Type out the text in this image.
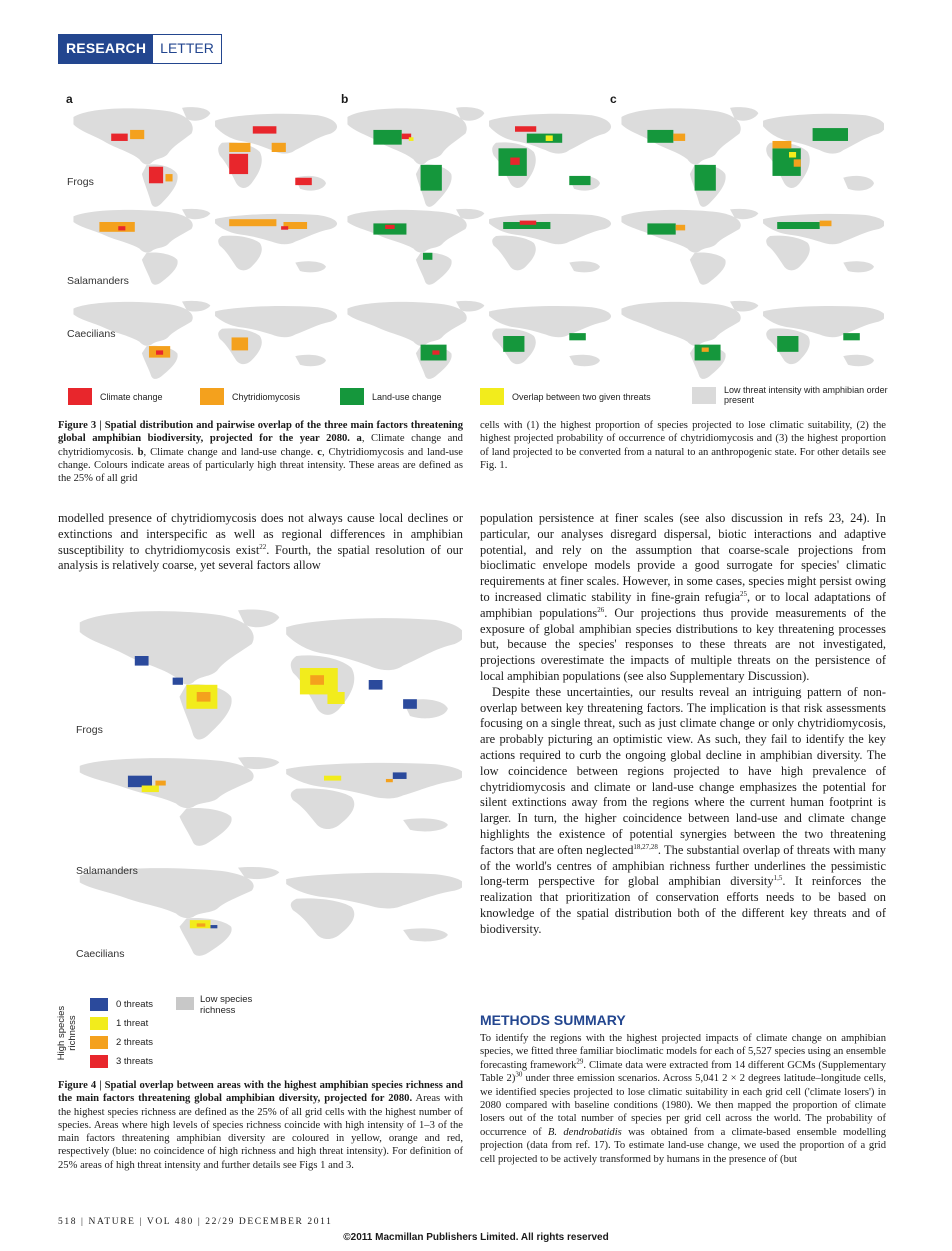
RESEARCH	LETTER
a	b	c
Frogs
Salamanders
Caecilians
Climate change	Chytridiomycosis	Land-use change	Overlap between two given threats
Low threat intensity with amphibian order present
Figure 3 | Spatial distribution and pairwise overlap of the three main factors threatening global amphibian biodiversity, projected for the year 2080. a, Climate change and chytridiomycosis. b, Climate change and land-use change. c, Chytridiomycosis and land-use change. Colours indicate areas of particularly high threat intensity. These areas are defined as the 25% of all grid
cells with (1) the highest proportion of species projected to lose climatic suitability, (2) the highest projected probability of occurrence of chytridiomycosis and (3) the highest proportion of land projected to be converted from a natural to an anthropogenic state. For other details see Fig. 1.

modelled presence of chytridiomycosis does not always cause local declines or extinctions and interspecific as well as regional differences in amphibian susceptibility to chytridiomycosis exist$^{22}$. Fourth, the spatial resolution of our analysis is relatively coarse, yet several factors allow

Frogs
Salamanders
Caecilians
High species richness
0 threats
1 threat
2 threats
3 threats
Low species richness
Figure 4 | Spatial overlap between areas with the highest amphibian species richness and the main factors threatening global amphibian diversity, projected for 2080. Areas with the highest species richness are defined as the 25% of all grid cells with the highest number of species. Areas where high levels of species richness coincide with high intensity of 1–3 of the main factors threatening amphibian diversity are coloured in yellow, orange and red, respectively (blue: no coincidence of high richness and high threat intensity). For definition of 25% areas of high threat intensity and further details see Figs 1 and 3.

population persistence at finer scales (see also discussion in refs 23, 24). In particular, our analyses disregard dispersal, biotic interactions and adaptive potential, and rely on the assumption that coarse-scale projections from bioclimatic envelope models provide a good surrogate for species' climatic requirements at finer scales. However, in some cases, species might persist owing to increased climatic stability in fine-grain refugia$^{25}$, or to local adaptations of amphibian populations$^{26}$. Our projections thus provide measurements of the exposure of global amphibian species distributions to key threatening processes but, because the species' responses to these threats are not investigated, projections overestimate the impacts of multiple threats on the persistence of local amphibian populations (see also Supplementary Discussion).

Despite these uncertainties, our results reveal an intriguing pattern of non-overlap between key threatening factors. The implication is that risk assessments focusing on a single threat, such as just climate change or only chytridiomycosis, are probably picturing an optimistic view. As such, they fail to identify the key actions required to curb the ongoing global decline in amphibian diversity. The low coincidence between regions projected to have high prevalence of chytridiomycosis and climate or land-use change emphasizes the potential for silent extinctions away from the regions where the current human footprint is larger. In turn, the higher coincidence between land-use and climate change highlights the existence of potential synergies between the two threatening factors that are often neglected$^{18,27,28}$. The substantial overlap of threats with many of the world's centres of amphibian richness further underlines the pessimistic long-term perspective for global amphibian diversity$^{1,5}$. It reinforces the realization that prioritization of conservation efforts needs to be based on knowledge of the spatial distribution both of the different key threats and of biodiversity.

METHODS SUMMARY
To identify the regions with the highest projected impacts of climate change on amphibian species, we fitted three familiar bioclimatic models for each of 5,527 species using an ensemble forecasting framework$^{29}$. Climate data were extracted from 14 different GCMs (Supplementary Table 2)$^{30}$ under three emission scenarios. Across 5,041 2 × 2 degrees latitude–longitude cells, we identified species projected to lose climatic suitability in each grid cell ('climate losers') in 2080 compared with baseline conditions (1980). We then mapped the proportion of climate losers out of the total number of species per grid cell across the world. The probability of occurrence of B. dendrobatidis was obtained from a climate-based ensemble modelling projection (data from ref. 17). To estimate land-use change, we used the proportion of a grid cell projected to be actively transformed by humans in the presence of (but
518 | NATURE | VOL 480 | 22/29 DECEMBER 2011
©2011 Macmillan Publishers Limited. All rights reserved
